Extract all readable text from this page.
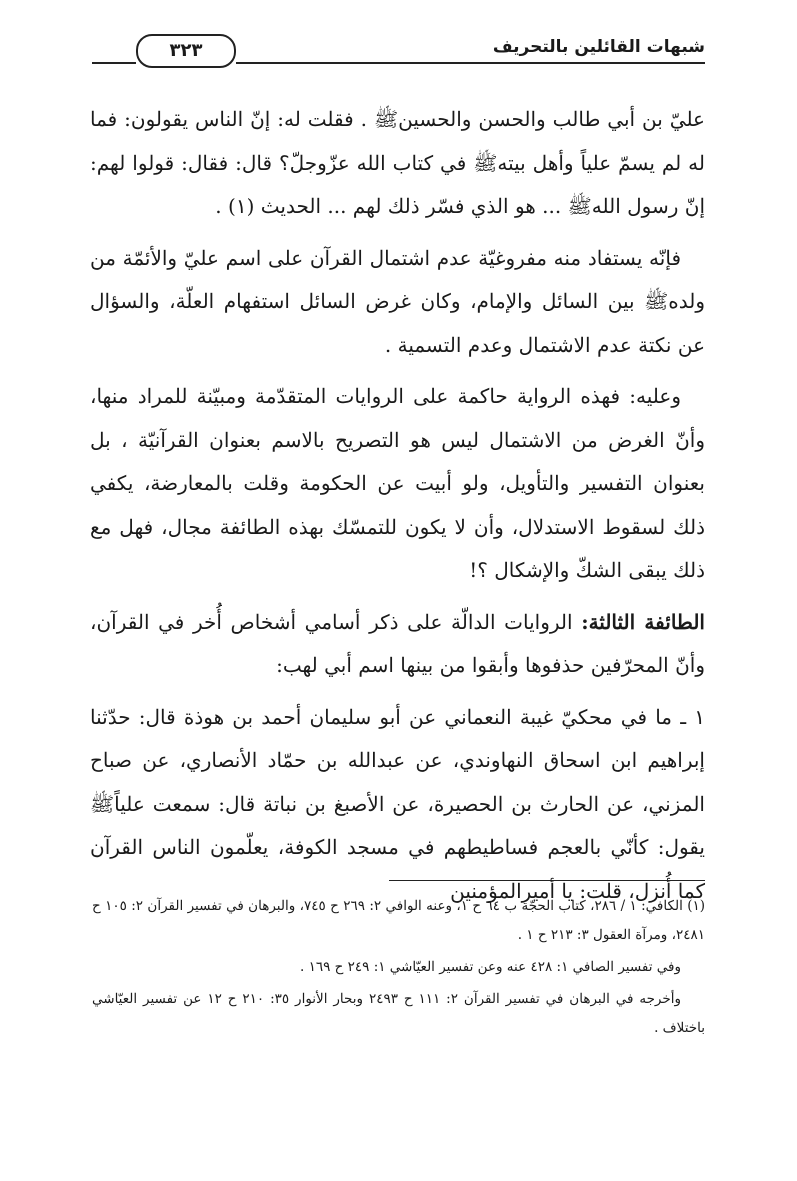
شبهات القائلين بالتحريف
٣٢٣

عليّ بن أبي طالب والحسن والحسين‏ﷺ . فقلت له: إنّ الناس يقولون: فما له لم يسمّ علياً وأهل بيته‏ﷺ في كتاب الله عزّوجلّ؟ قال: فقال: قولوا لهم: إنّ رسول الله‏ﷺ ... هو الذي فسّر ذلك لهم ... الحديث (١) .

فإنّه يستفاد منه مفروغيّة عدم اشتمال القرآن على اسم عليّ والأئمّة من ولده‏ﷺ بين السائل والإمام، وكان غرض السائل استفهام العلّة، والسؤال عن نكتة عدم الاشتمال وعدم التسمية .

وعليه: فهذه الرواية حاكمة على الروايات المتقدّمة ومبيّنة للمراد منها، وأنّ الغرض من الاشتمال ليس هو التصريح بالاسم بعنوان القرآنيّة ، بل بعنوان التفسير والتأويل، ولو أبيت عن الحكومة وقلت بالمعارضة، يكفي ذلك لسقوط الاستدلال، وأن لا يكون للتمسّك بهذه الطائفة مجال، فهل مع ذلك يبقى الشكّ والإشكال ؟!

الطائفة الثالثة: الروايات الدالّة على ذكر أسامي أشخاص أُخر في القرآن، وأنّ المحرّفين حذفوها وأبقوا من بينها اسم أبي لهب:

١ ـ ما في محكيّ غيبة النعماني عن أبو سليمان أحمد بن هوذة قال: حدّثنا إبراهيم ابن اسحاق النهاوندي، عن عبدالله بن حمّاد الأنصاري، عن صباح المزني، عن الحارث بن الحصيرة، عن الأصبغ بن نباتة قال: سمعت علياًﷺ يقول: كأنّي بالعجم فساطيطهم في مسجد الكوفة، يعلّمون الناس القرآن كما أُنزل، قلت: يا أميرالمؤمنين

(١) الكافي: ١ / ٢٨٦، كتاب الحجّة ب ٦٤ ح ١، وعنه الوافي ٢: ٢٦٩ ح ٧٤٥، والبرهان في تفسير القرآن ٢: ١٠٥ ح ٢٤٨١، ومرآة العقول ٣: ٢١٣ ح ١ .

وفي تفسير الصافي ١: ٤٢٨ عنه وعن تفسير العيّاشي ١: ٢٤٩ ح ١٦٩ .

وأخرجه في البرهان في تفسير القرآن ٢: ١١١ ح ٢٤٩٣ وبحار الأنوار ٣٥: ٢١٠ ح ١٢ عن تفسير العيّاشي باختلاف .
